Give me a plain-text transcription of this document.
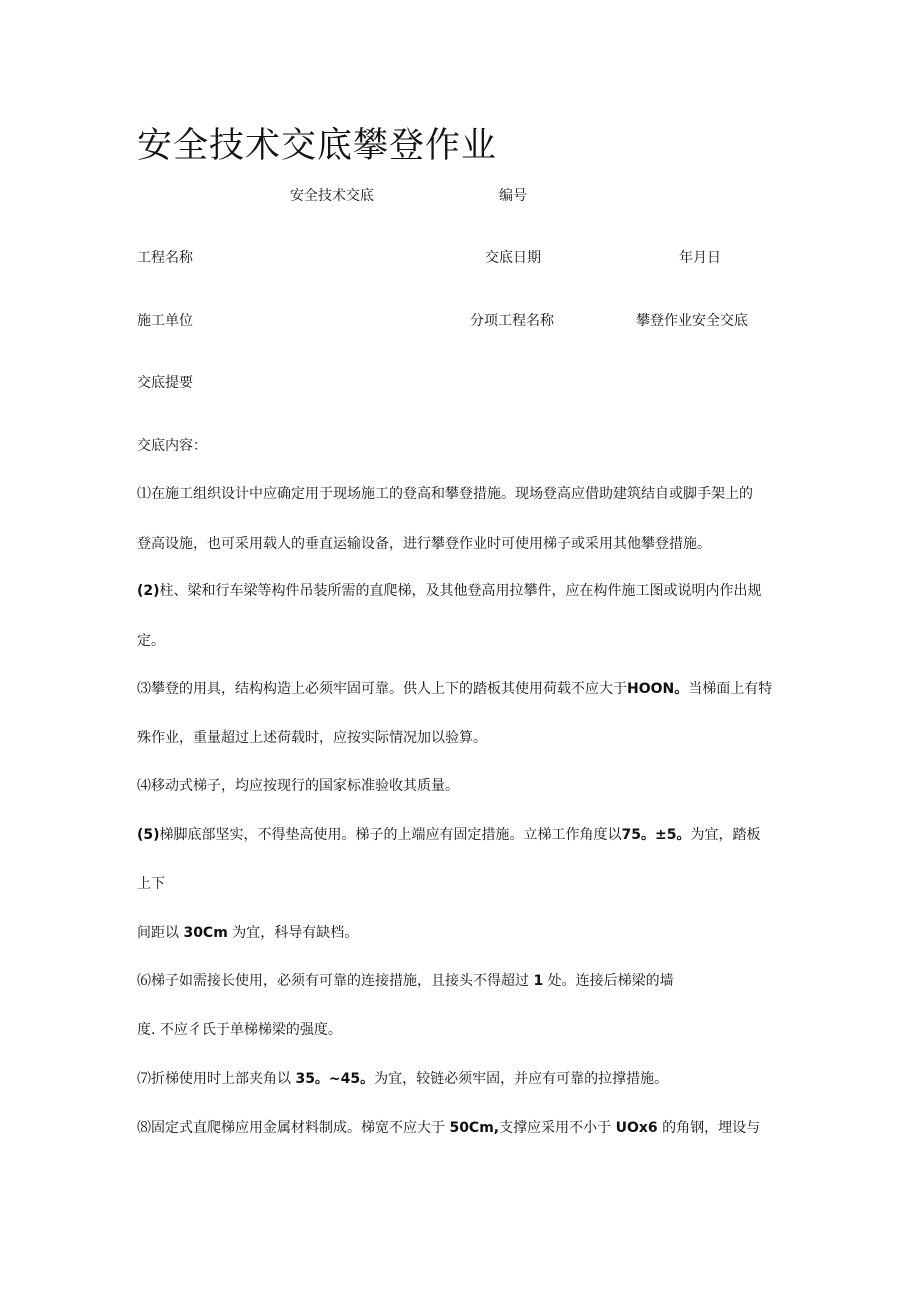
安全技术交底攀登作业
安全技术交底	编号
工程名称	交底日期	年月日
施工单位	分项工程名称	攀登作业安全交底
交底提要
交底内容：
⑴在施工组织设计中应确定用于现场施工的登高和攀登措施。现场登高应借助建筑结自或脚手架上的
登高设施，也可采用载人的垂直运输设备，进行攀登作业时可使用梯子或采用其他攀登措施。
(2)柱、梁和行车梁等构件吊装所需的直爬梯，及其他登高用拉攀件，应在构件施工图或说明内作出规
定。
⑶攀登的用具，结构构造上必须牢固可靠。供人上下的踏板其使用荷载不应大于HOON。当梯面上有特
殊作业，重量超过上述荷载时，应按实际情况加以验算。
⑷移动式梯子，均应按现行的国家标准验收其质量。
(5)梯脚底部坚实，不得垫高使用。梯子的上端应有固定措施。立梯工作角度以75。±5。为宜，踏板
上下
间距以 30Cm 为宜，科导有缺档。
⑹梯子如需接长使用，必须有可靠的连接措施，且接头不得超过 1 处。连接后梯梁的墙
度. 不应彳氏于单梯梯梁的强度。
⑺折梯使用时上部夹角以 35。~45。为宜，较链必须牢固，并应有可靠的拉撑措施。
⑻固定式直爬梯应用金属材料制成。梯宽不应大于 50Cm,支撑应采用不小于 UOx6 的角钢，埋设与
